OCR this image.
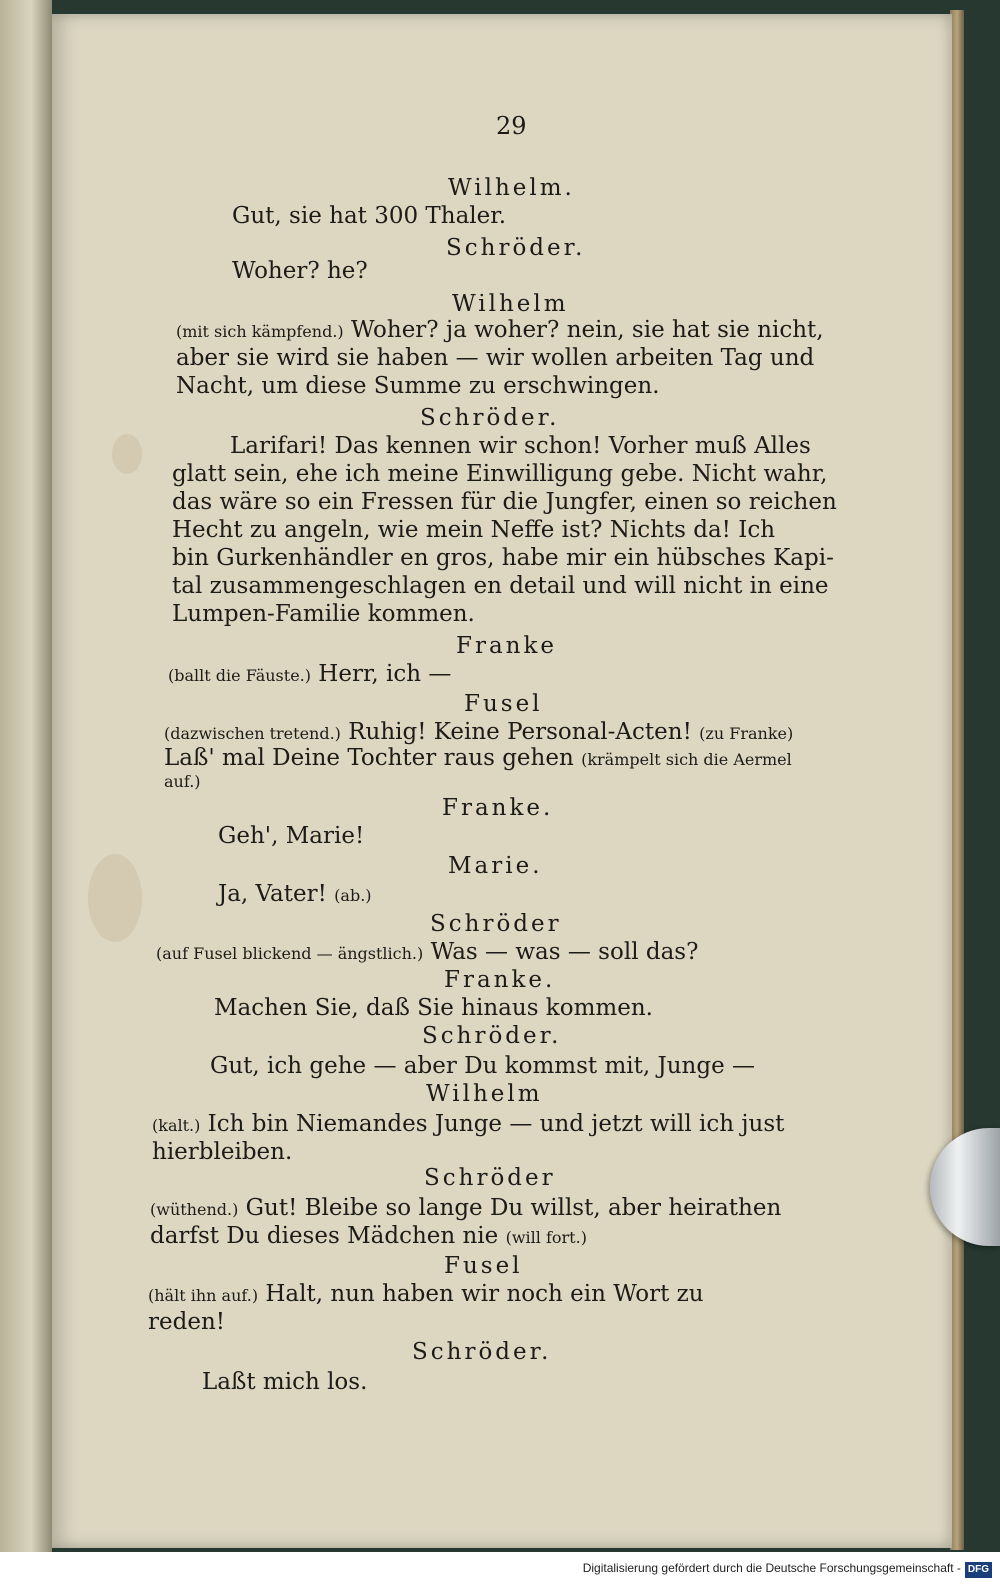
29
Wilhelm.
Gut, sie hat 300 Thaler.
Schröder.
Woher? he?
Wilhelm
(mit sich kämpfend.) Woher? ja woher? nein, sie hat sie nicht,
aber sie wird sie haben — wir wollen arbeiten Tag und
Nacht, um diese Summe zu erschwingen.
Schröder.
Larifari! Das kennen wir schon! Vorher muß Alles
glatt sein, ehe ich meine Einwilligung gebe. Nicht wahr,
das wäre so ein Fressen für die Jungfer, einen so reichen
Hecht zu angeln, wie mein Neffe ist? Nichts da! Ich
bin Gurkenhändler en gros, habe mir ein hübsches Kapi-
tal zusammengeschlagen en detail und will nicht in eine
Lumpen-Familie kommen.
Franke
(ballt die Fäuste.) Herr, ich —
Fusel
(dazwischen tretend.) Ruhig! Keine Personal-Acten! (zu Franke)
Laß' mal Deine Tochter raus gehen (krämpelt sich die Aermel
auf.)
Franke.
Geh', Marie!
Marie.
Ja, Vater! (ab.)
Schröder
(auf Fusel blickend — ängstlich.) Was — was — soll das?
Franke.
Machen Sie, daß Sie hinaus kommen.
Schröder.
Gut, ich gehe — aber Du kommst mit, Junge —
Wilhelm
(kalt.) Ich bin Niemandes Junge — und jetzt will ich just
hierbleiben.
Schröder
(wüthend.) Gut! Bleibe so lange Du willst, aber heirathen
darfst Du dieses Mädchen nie (will fort.)
Fusel
(hält ihn auf.) Halt, nun haben wir noch ein Wort zu
reden!
Schröder.
Laßt mich los.
Digitalisierung gefördert durch die Deutsche Forschungsgemeinschaft - DFG
